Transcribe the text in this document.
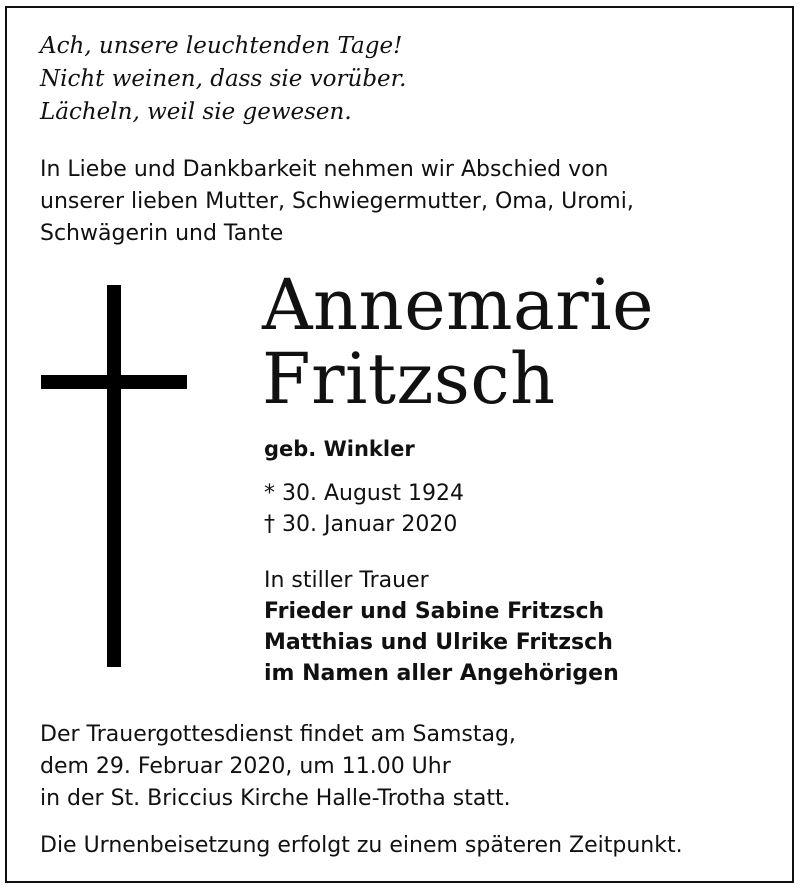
Ach, unsere leuchtenden Tage!
Nicht weinen, dass sie vorüber.
Lächeln, weil sie gewesen.
In Liebe und Dankbarkeit nehmen wir Abschied von
unserer lieben Mutter, Schwiegermutter, Oma, Uromi,
Schwägerin und Tante
Annemarie
Fritzsch
geb. Winkler
* 30. August 1924
† 30. Januar 2020
In stiller Trauer
Frieder und Sabine Fritzsch
Matthias und Ulrike Fritzsch
im Namen aller Angehörigen
Der Trauergottesdienst findet am Samstag,
dem 29. Februar 2020, um 11.00 Uhr
in der St. Briccius Kirche Halle-Trotha statt.
Die Urnenbeisetzung erfolgt zu einem späteren Zeitpunkt.
